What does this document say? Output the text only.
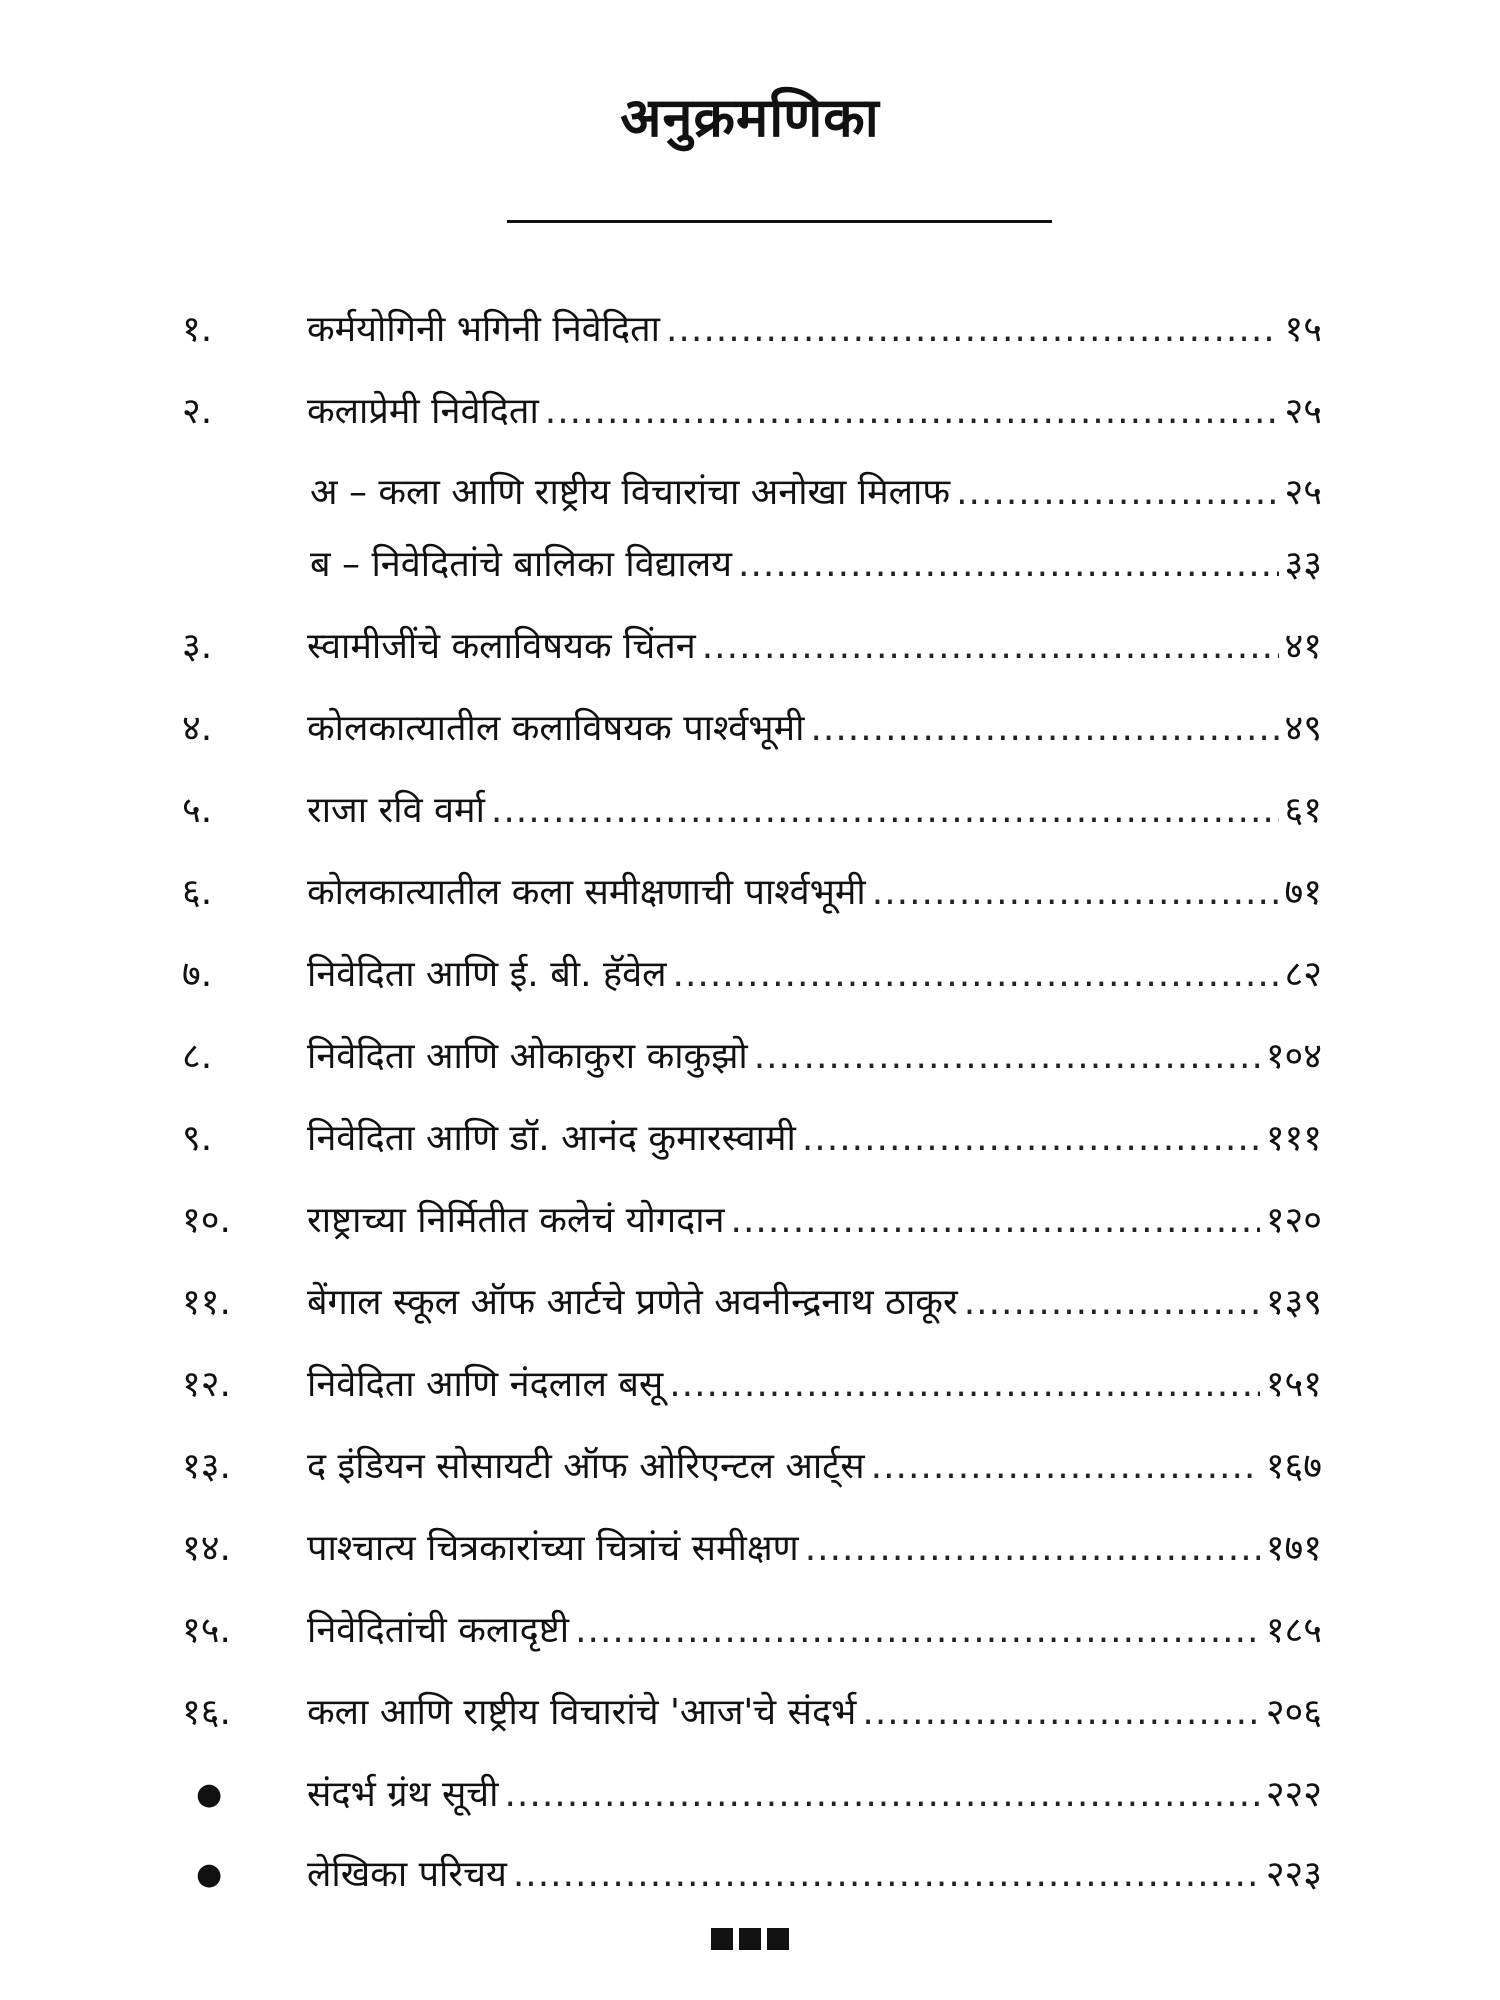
अनुक्रमणिका
१.	कर्मयोगिनी भगिनी निवेदिता .....	१५
२.	कलाप्रेमी निवेदिता .....	२५
अ – कला आणि राष्ट्रीय विचारांचा अनोखा मिलाफ .....	२५
ब – निवेदितांचे बालिका विद्यालय .....	३३
३.	स्वामीजींचे कलाविषयक चिंतन .....	४१
४.	कोलकात्यातील कलाविषयक पार्श्वभूमी .....	४९
५.	राजा रवि वर्मा .....	६१
६.	कोलकात्यातील कला समीक्षणाची पार्श्वभूमी .....	७१
७.	निवेदिता आणि ई. बी. हॅवेल .....	८२
८.	निवेदिता आणि ओकाकुरा काकुझो .....	१०४
९.	निवेदिता आणि डॉ. आनंद कुमारस्वामी .....	१११
१०.	राष्ट्राच्या निर्मितीत कलेचं योगदान .....	१२०
११.	बेंगाल स्कूल ऑफ आर्टचे प्रणेते अवनीन्द्रनाथ ठाकूर .....	१३९
१२.	निवेदिता आणि नंदलाल बसू .....	१५१
१३.	द इंडियन सोसायटी ऑफ ओरिएन्टल आर्ट्‌स .....	१६७
१४.	पाश्चात्य चित्रकारांच्या चित्रांचं समीक्षण .....	१७१
१५.	निवेदितांची कलादृष्टी .....	१८५
१६.	कला आणि राष्ट्रीय विचारांचे 'आज'चे संदर्भ .....	२०६
●	संदर्भ ग्रंथ सूची .....	२२२
●	लेखिका परिचय .....	२२३
